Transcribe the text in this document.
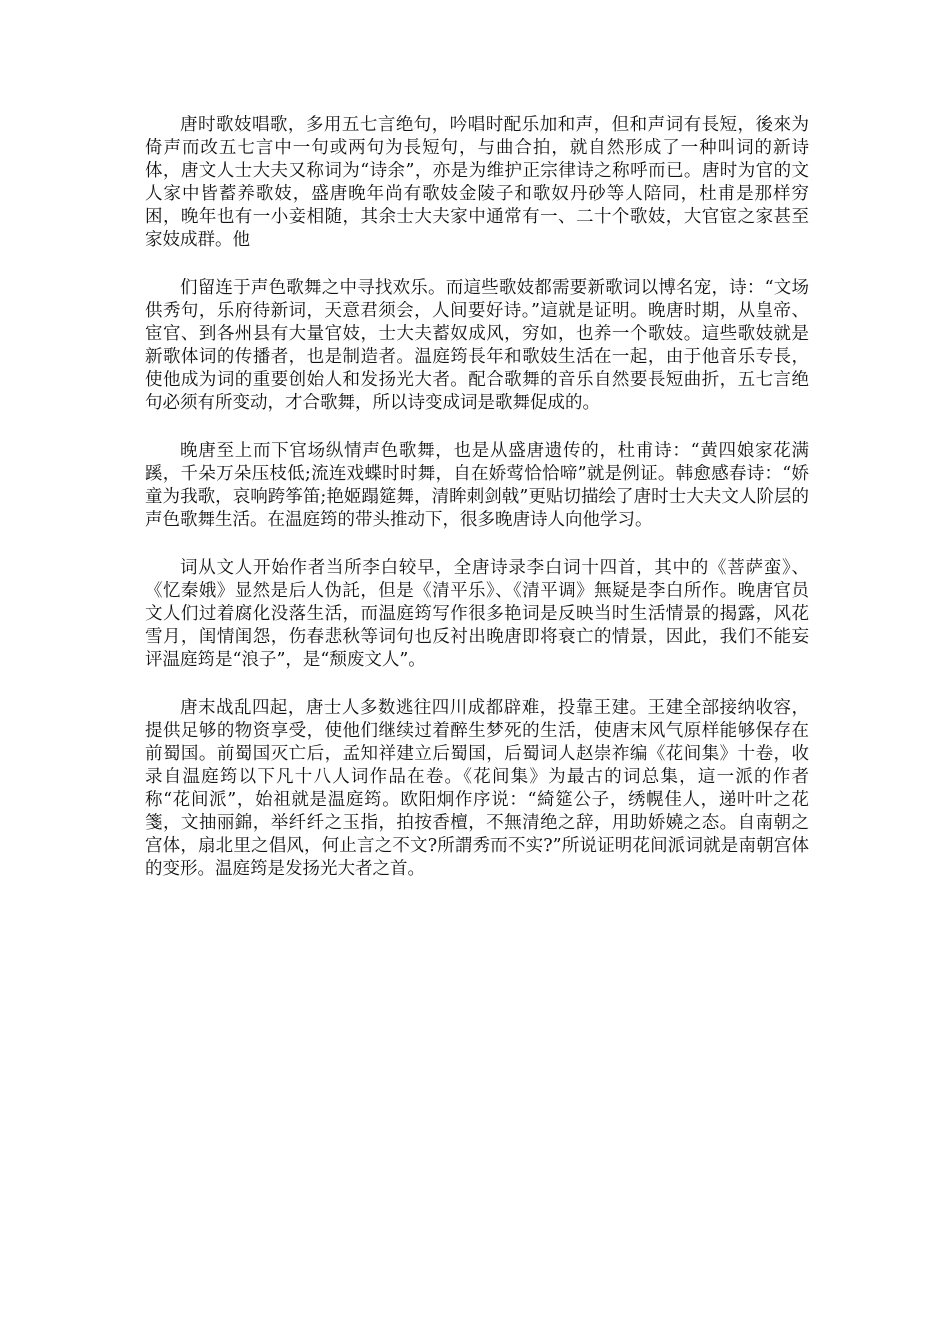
唐时歌妓唱歌，多用五七言绝句，吟唱时配乐加和声，但和声词有長短，後來为倚声而改五七言中一句或两句为長短句，与曲合拍，就自然形成了一种叫词的新诗体，唐文人士大夫又称词为“诗余”，亦是为维护正宗律诗之称呼而已。唐时为官的文人家中皆蓄养歌妓，盛唐晚年尚有歌妓金陵子和歌奴丹砂等人陪同，杜甫是那样穷困，晚年也有一小妾相随，其余士大夫家中通常有一、二十个歌妓，大官宦之家甚至家妓成群。他

们留连于声色歌舞之中寻找欢乐。而這些歌妓都需要新歌词以博名宠，诗：“文场供秀句，乐府待新词，天意君须会，人间要好诗。”這就是证明。晚唐时期，从皇帝、宦官、到各州县有大量官妓，士大夫蓄奴成风，穷如，也养一个歌妓。這些歌妓就是新歌体词的传播者，也是制造者。温庭筠長年和歌妓生活在一起，由于他音乐专長，使他成为词的重要创始人和发扬光大者。配合歌舞的音乐自然要長短曲折，五七言绝句必须有所变动，才合歌舞，所以诗变成词是歌舞促成的。

晚唐至上而下官场纵情声色歌舞，也是从盛唐遗传的，杜甫诗：“黄四娘家花满蹊，千朵万朵压枝低;流连戏蝶时时舞，自在娇莺恰恰啼”就是例证。韩愈感春诗：“娇童为我歌，哀响跨筝笛;艳姬蹋筵舞，清眸刺剑戟”更贴切描绘了唐时士大夫文人阶层的声色歌舞生活。在温庭筠的带头推动下，很多晚唐诗人向他学习。

词从文人开始作者当所李白较早，全唐诗录李白词十四首，其中的《菩萨蛮》、《忆秦娥》显然是后人伪託，但是《清平乐》、《清平调》無疑是李白所作。晚唐官员文人们过着腐化没落生活，而温庭筠写作很多艳词是反映当时生活情景的揭露，风花雪月，闺情闺怨，伤春悲秋等词句也反衬出晚唐即将衰亡的情景，因此，我们不能妄评温庭筠是“浪子”，是“颓废文人”。

唐末战乱四起，唐士人多数逃往四川成都辟难，投靠王建。王建全部接纳收容，提供足够的物资享受，使他们继续过着醉生梦死的生活，使唐末风气原样能够保存在前蜀国。前蜀国灭亡后，孟知祥建立后蜀国，后蜀词人赵崇祚编《花间集》十卷，收录自温庭筠以下凡十八人词作品在卷。《花间集》为最古的词总集，這一派的作者称“花间派”，始祖就是温庭筠。欧阳炯作序说：“綺筵公子，绣幌佳人，递叶叶之花箋，文抽丽錦，举纤纤之玉指，拍按香檀，不無清绝之辞，用助娇嬈之态。自南朝之宫体，扇北里之倡风，何止言之不文?所謂秀而不实?”所说证明花间派词就是南朝宫体的变形。温庭筠是发扬光大者之首。
